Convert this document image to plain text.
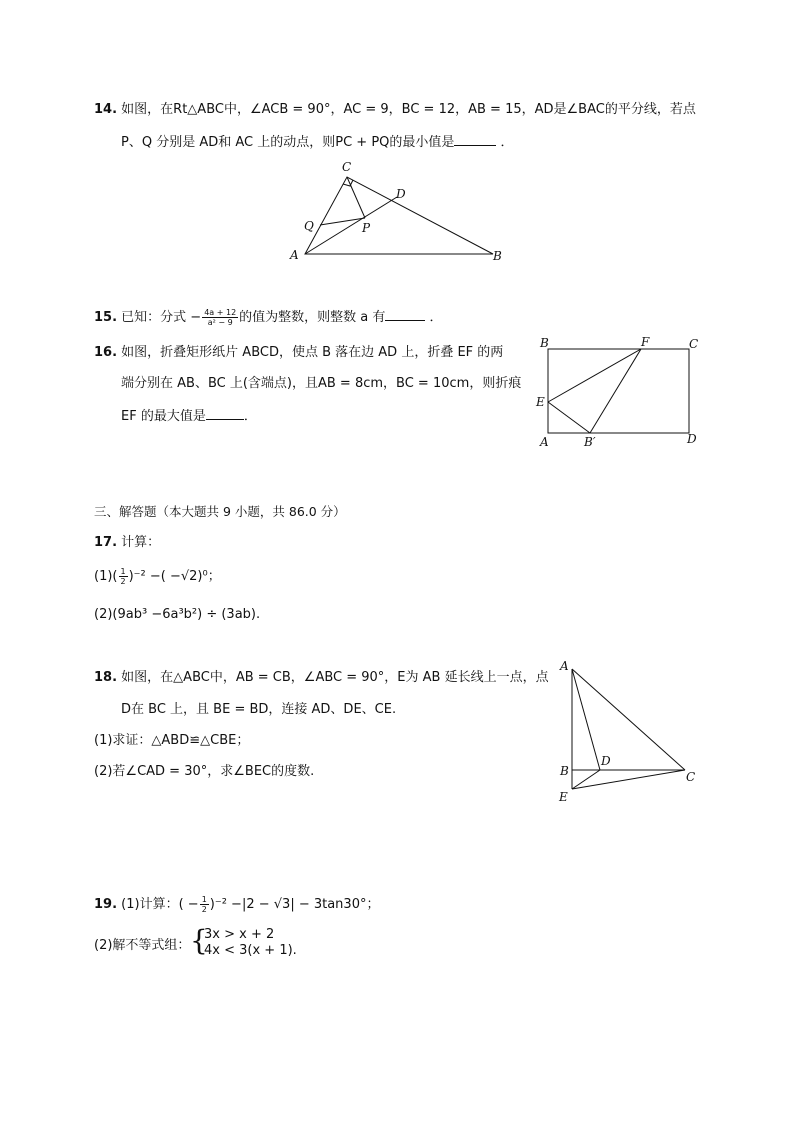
14. 如图，在Rt△ABC中，∠ACB = 90°，AC = 9，BC = 12，AB = 15，AD是∠BAC的平分线，若点
P、Q 分别是 AD和 AC 上的动点，则PC + PQ的最小值是	．
C
D
Q	P
A	B
15. 已知：分式 − $\frac{4a + 12}{\text{a² − 9}}$ 的值为整数，则整数 a 有	．
16. 如图，折叠矩形纸片 ABCD，使点 B 落在边 AD 上，折叠 EF 的两
端分别在 AB、BC 上(含端点)，且AB = 8cm，BC = 10cm，则折痕
EF 的最大值是	．
B	F	C
E
A	B′	D
三、解答题（本大题共 9 小题，共 86.0 分）
17. 计算：
$(1)( \frac{1}{2} )^{-2}$ −( −√2)⁰；
(2)(9ab³ −6a³b²) ÷ (3ab).
18. 如图，在△ABC中，AB = CB，∠ABC = 90°，E为 AB 延长线上一点，点
D在 BC 上，且 BE = BD，连接 AD、DE、CE.
(1)求证：△ABD≌△CBE；
(2)若∠CAD = 30°，求∠BEC的度数.
A
B
D
C
E
19. (1)计算：( − $\frac{1}{2} )^{-2} -|2 - √3| - 3\tan 30^\circ$；
(2)解不等式组： {
3x > x + 2
4x < 3(x + 1).
